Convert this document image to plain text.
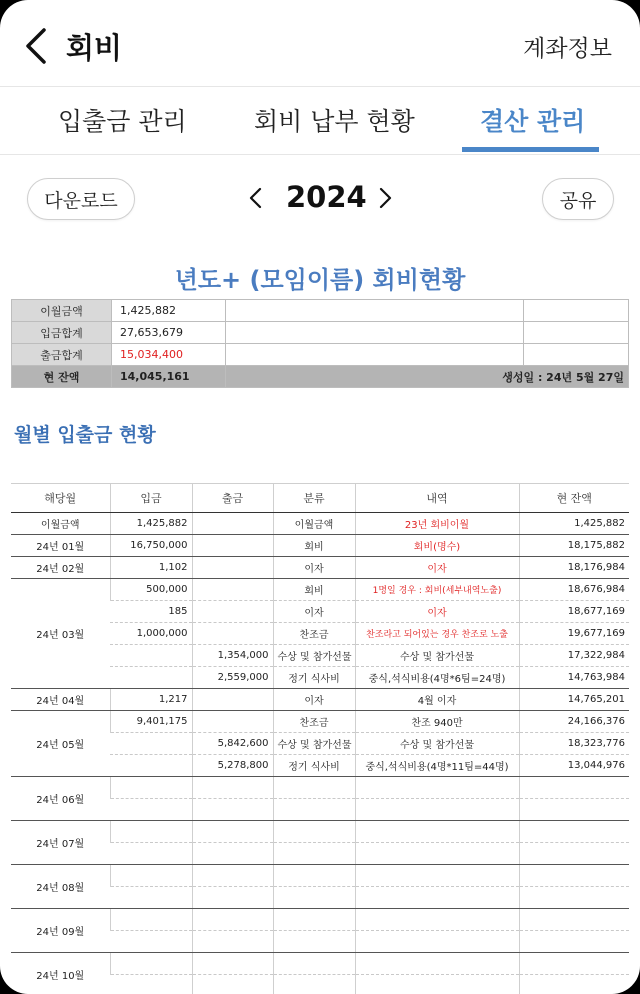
회비	계좌정보
입출금 관리	회비 납부 현황	결산 관리
다운로드	2024	공유
년도+ (모임이름) 회비현황
이월금액	1,425,882		
입금합계	27,653,679		
출금합계	15,034,400		
현 잔액	14,045,161	생성일 : 24년 5월 27일	
월별 입출금 현황
해당월	입금	출금	분류	내역	현 잔액
이월금액	1,425,882		이월금액	23년 회비이월	1,425,882
24년 01월	16,750,000		회비	회비(명수)	18,175,882
24년 02월	1,102		이자	이자	18,176,984
24년 03월	500,000		회비	1명일 경우 : 회비(세부내역노출)	18,676,984
	185		이자	이자	18,677,169
	1,000,000		찬조금	찬조라고 되어있는 경우 찬조로 노출	19,677,169
		1,354,000	수상 및 참가선물	수상 및 참가선물	17,322,984
		2,559,000	정기 식사비	중식,석식비용(4명*6팀=24명)	14,763,984
24년 04월	1,217		이자	4월 이자	14,765,201
24년 05월	9,401,175		찬조금	찬조 940만	24,166,376
		5,842,600	수상 및 참가선물	수상 및 참가선물	18,323,776
		5,278,800	정기 식사비	중식,석식비용(4명*11팀=44명)	13,044,976
24년 06월					

24년 07월					

24년 08월					

24년 09월					

24년 10월					
